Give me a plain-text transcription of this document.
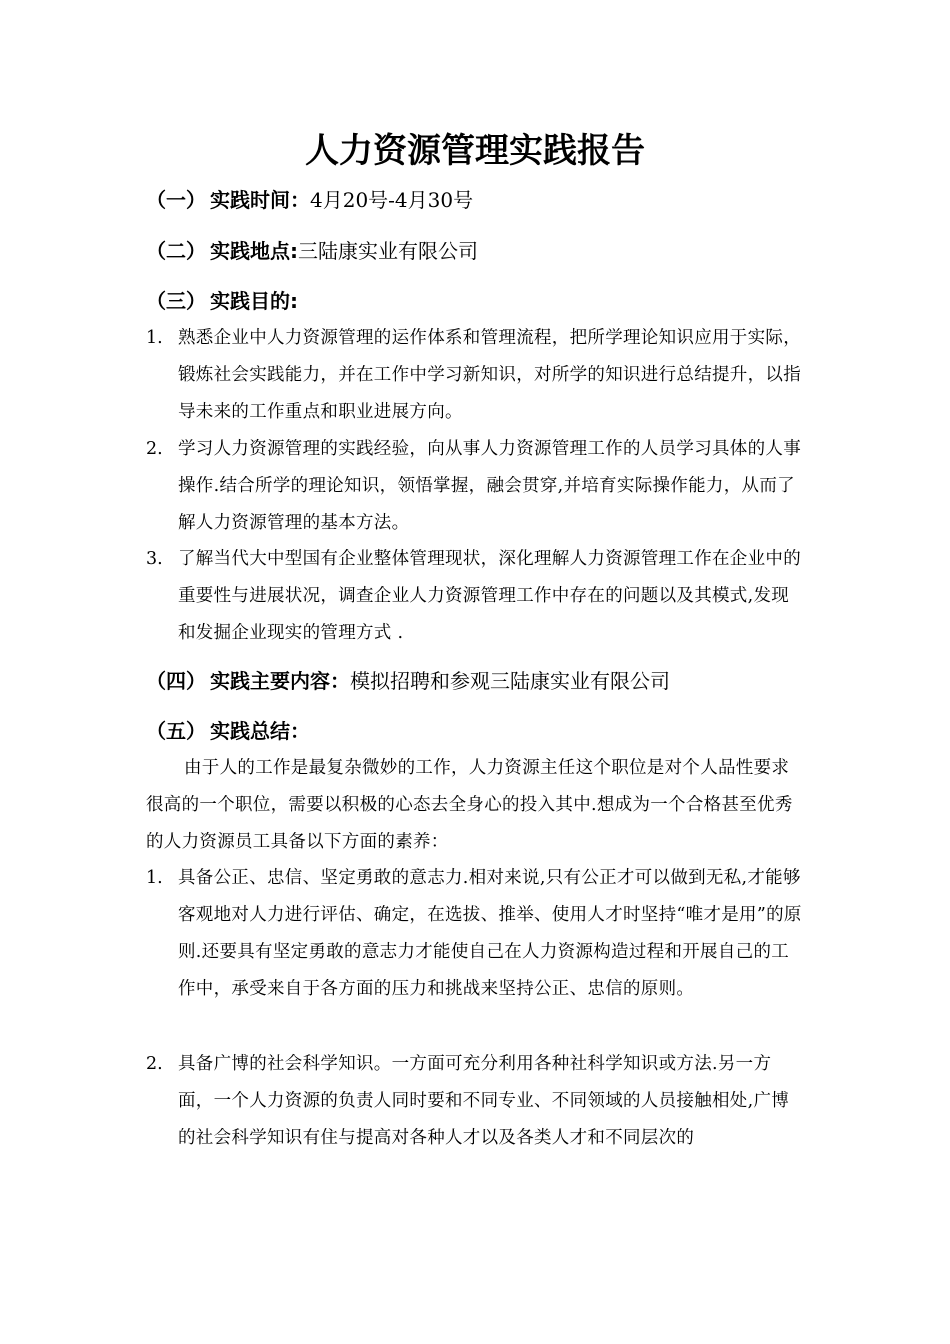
人力资源管理实践报告
（一） 实践时间：4月20号-4月30号
（二） 实践地点:三陆康实业有限公司
（三） 实践目的:
1. 熟悉企业中人力资源管理的运作体系和管理流程，把所学理论知识应用于实际，锻炼社会实践能力，并在工作中学习新知识，对所学的知识进行总结提升，以指导未来的工作重点和职业进展方向。
2. 学习人力资源管理的实践经验，向从事人力资源管理工作的人员学习具体的人事操作.结合所学的理论知识，领悟掌握，融会贯穿,并培育实际操作能力，从而了解人力资源管理的基本方法。
3. 了解当代大中型国有企业整体管理现状，深化理解人力资源管理工作在企业中的重要性与进展状况，调查企业人力资源管理工作中存在的问题以及其模式,发现和发掘企业现实的管理方式 .
（四） 实践主要内容：模拟招聘和参观三陆康实业有限公司
（五） 实践总结：
由于人的工作是最复杂微妙的工作，人力资源主任这个职位是对个人品性要求很高的一个职位，需要以积极的心态去全身心的投入其中.想成为一个合格甚至优秀的人力资源员工具备以下方面的素养：
1. 具备公正、忠信、坚定勇敢的意志力.相对来说,只有公正才可以做到无私,才能够客观地对人力进行评估、确定，在选拔、推举、使用人才时坚持“唯才是用”的原则.还要具有坚定勇敢的意志力才能使自己在人力资源构造过程和开展自己的工作中，承受来自于各方面的压力和挑战来坚持公正、忠信的原则。
2. 具备广博的社会科学知识。一方面可充分利用各种社科学知识或方法.另一方面，一个人力资源的负责人同时要和不同专业、不同领域的人员接触相处,广博的社会科学知识有住与提高对各种人才以及各类人才和不同层次的
